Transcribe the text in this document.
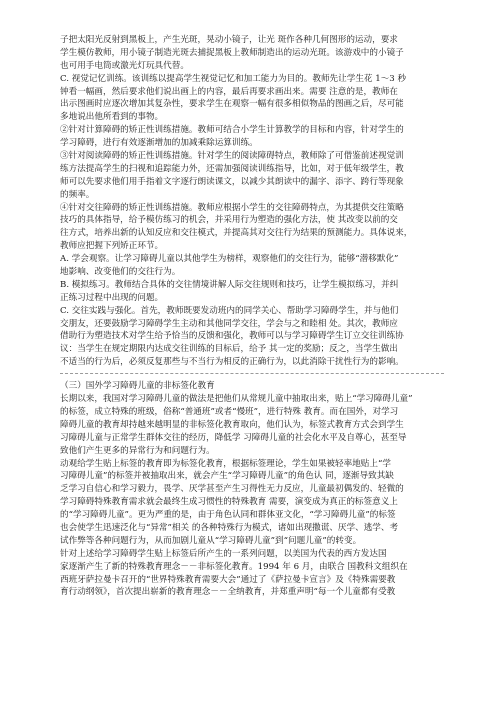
子把太阳光反射到黑板上，产生光斑，晃动小镜子，让光 斑作各种几何图形的运动，要求
学生模仿教师，用小镜子制造光斑去捕捉黑板上教师制造出的运动光斑。该游戏中的小镜子
也可用手电筒或激光灯玩具代替。
C. 视觉记忆训练。该训练以提高学生视觉记忆和加工能力为目的。教师先让学生花 1～3 秒
钟看一幅画，然后要求他们说出画上的内容，最后再要求画出来。需要 注意的是，教师在
出示图画时应逐次增加其复杂性，要求学生在观察一幅有很多相似物品的图画之后，尽可能
多地说出他所看到的事物。
②针对计算障碍的矫正性训练措施。教师可结合小学生计算教学的目标和内容，针对学生的
学习障碍，进行有效逐渐增加的加减乘除运算训练。
③针对阅读障碍的矫正性训练措施。针对学生的阅读障碍特点，教师除了可借鉴前述视觉训
练方法提高学生的扫视和追踪能力外，还需加强阅读训练指导，比如，对于低年级学生，教
师可以先要求他们用手指着文字逐行朗读课文，以减少其朗读中的漏字、添字、跨行等现象
的频率。
④针对交往障碍的矫正性训练措施。教师应根据小学生的交往障碍特点，为其提供交往策略
技巧的具体指导，给予模仿练习的机会，并采用行为塑造的强化方法，使 其改变以前的交
往方式，培养出新的认知反应和交往模式，并提高其对交往行为结果的预测能力。具体说来，
教师应把握下列矫正环节。
A. 学会观察。让学习障碍儿童以其他学生为榜样，观察他们的交往行为，能够“潜移默化”
地影响、改变他们的交往行为。
B. 模拟练习。教师结合具体的交往情境讲解人际交往规则和技巧，让学生模拟练习，并纠
正练习过程中出现的问题。
C. 交往实践与强化。首先，教师既要发动班内的同学关心、帮助学习障碍学生，并与他们
交朋友，还要鼓励学习障碍学生主动和其他同学交往，学会与之和睦相 处。其次，教师应
借助行为塑造技术对学生给予恰当的反馈和强化，教师可以与学习障碍学生订立交往训练协
议：当学生在规定期限内达成交往训练的目标后，给予 其一定的奖励；反之，当学生做出
不适当的行为后，必须反复那些与不当行为相反的正确行为，以此消除干扰性行为的影响。
（三）国外学习障碍儿童的非标签化教育
长期以来，我国对学习障碍儿童的做法是把他们从常规儿童中抽取出来，贴上“学习障碍儿童”
的标签，成立特殊的班级，俗称“普通班”或者“慢班”，进行特殊 教育。而在国外，对学习
障碍儿童的教育却持越来越明显的非标签化教育取向，他们认为，标签式教育方式会到学生
习障碍儿童与正常学生群体交往的经历，降低学 习障碍儿童的社会化水平及自尊心，甚至导
致他们产生更多的异常行为和问题行为。
动观给学生贴上标签的教育即为标签化教育，根据标签理论，学生如果被轻率地贴上“学
习障碍儿童”的标签并被抽取出来，就会产生“学习障碍儿童”的角色认 同，逐渐导致其缺
乏学习自信心和学习毅力，畏学、厌学甚至产生习得性无力反应，儿童最初偶发的、轻微的
学习障碍特殊教育需求就会最终生成习惯性的特殊教育 需要，演变成为真正的标签意义上
的“学习障碍儿童”。更为严重的是，由于角色认同和群体亚文化，“学习障碍儿童”的标签
也会使学生迅速泛化与“异常”相关 的各种特殊行为模式，诸如出现撒谎、厌学、逃学、考
试作弊等各种问题行为，从而加剧儿童从“学习障碍儿童”到“问题儿童”的转变。
针对上述给学习障碍学生贴上标签后所产生的一系列问题，以美国为代表的西方发达国
家逐渐产生了新的特殊教育理念－－非标签化教育。1994 年 6 月，由联合 国教科文组织在
西班牙萨拉曼卡召开的“世界特殊教育需要大会”通过了《萨拉曼卡宣言》及《特殊需要教
育行动纲领》，首次提出崭新的教育理念－－全纳教育，并郑重声明“每一个儿童都有受教
